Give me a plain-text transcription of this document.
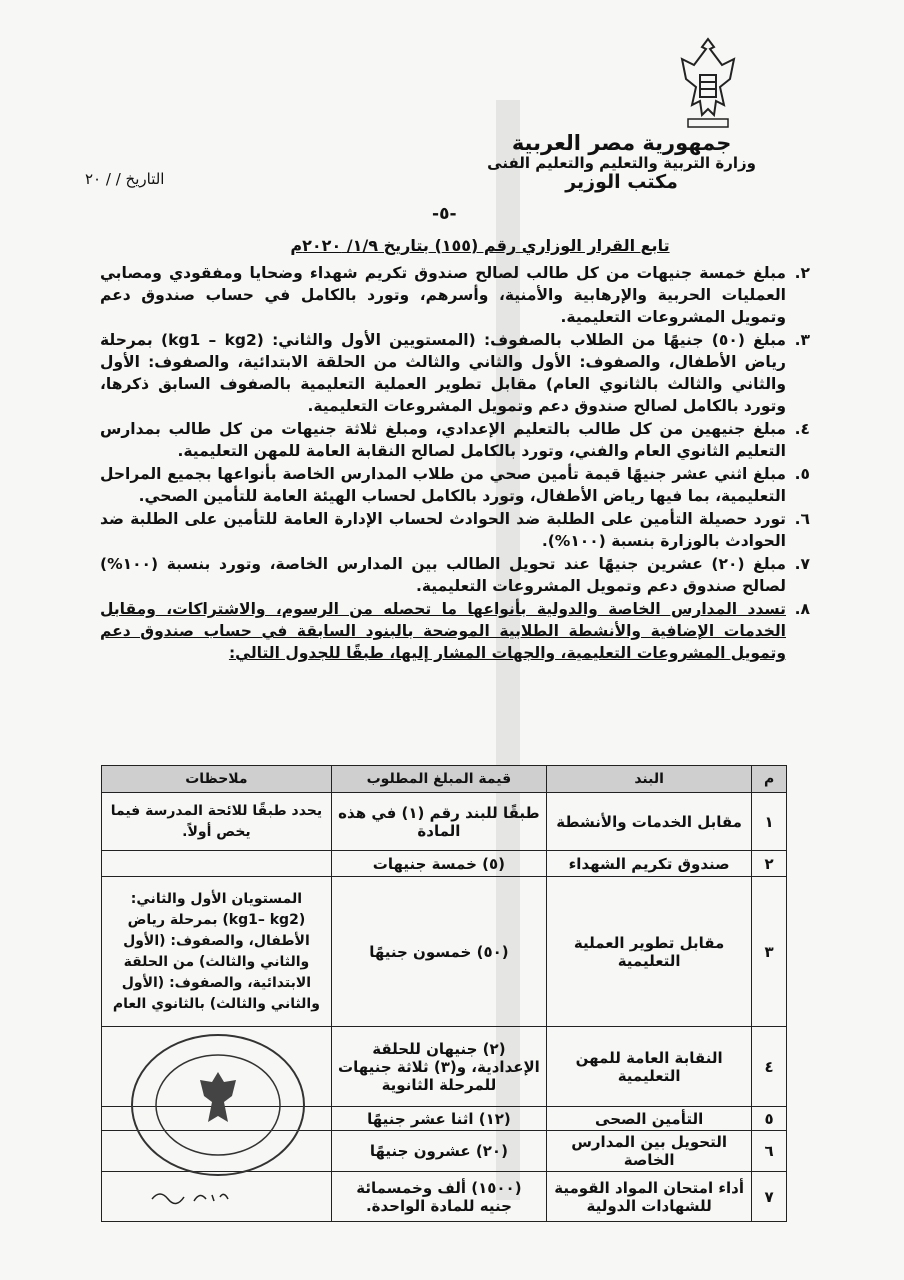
جمهورية مصر العربية
وزارة التربية والتعليم والتعليم الفنى
مكتب الوزير
التاريخ / / ٢٠
-٥-
تابع القرار الوزاري رقم (١٥٥) بتاريخ ١/٩/ ٢٠٢٠م
٢.
مبلغ خمسة جنيهات من كل طالب لصالح صندوق تكريم شهداء وضحايا ومفقودي ومصابي العمليات الحربية والإرهابية والأمنية، وأسرهم، وتورد بالكامل في حساب صندوق دعم وتمويل المشروعات التعليمية.
٣.
مبلغ (٥٠) جنيهًا من الطلاب بالصفوف: (المستويين الأول والثاني: (kg1 – kg2) بمرحلة رياض الأطفال، والصفوف: الأول والثاني والثالث من الحلقة الابتدائية، والصفوف: الأول والثاني والثالث بالثانوي العام) مقابل تطوير العملية التعليمية بالصفوف السابق ذكرها، وتورد بالكامل لصالح صندوق دعم وتمويل المشروعات التعليمية.
٤.
مبلغ جنيهين من كل طالب بالتعليم الإعدادي، ومبلغ ثلاثة جنيهات من كل طالب بمدارس التعليم الثانوي العام والفني، وتورد بالكامل لصالح النقابة العامة للمهن التعليمية.
٥.
مبلغ اثني عشر جنيهًا قيمة تأمين صحي من طلاب المدارس الخاصة بأنواعها بجميع المراحل التعليمية، بما فيها رياض الأطفال، وتورد بالكامل لحساب الهيئة العامة للتأمين الصحي.
٦.
تورد حصيلة التأمين على الطلبة ضد الحوادث لحساب الإدارة العامة للتأمين على الطلبة ضد الحوادث بالوزارة بنسبة (١٠٠%).
٧.
مبلغ (٢٠) عشرين جنيهًا عند تحويل الطالب بين المدارس الخاصة، وتورد بنسبة (١٠٠%) لصالح صندوق دعم وتمويل المشروعات التعليمية.
٨.
تسدد المدارس الخاصة والدولية بأنواعها ما تحصله من الرسوم، والاشتراكات، ومقابل الخدمات الإضافية والأنشطة الطلابية الموضحة بالبنود السابقة في حساب صندوق دعم وتمويل المشروعات التعليمية، والجهات المشار إليها، طبقًا للجدول التالي:
م	البند	قيمة المبلغ المطلوب	ملاحظات
١	مقابل الخدمات والأنشطة	طبقًا للبند رقم (١) في هذه المادة	يحدد طبقًا للائحة المدرسة فيما يخص أولاً.
٢	صندوق تكريم الشهداء	(٥) خمسة جنيهات	
٣	مقابل تطوير العملية التعليمية	(٥٠) خمسون جنيهًا	المستويان الأول والثاني: (kg1– kg2) بمرحلة رياض الأطفال، والصفوف: (الأول والثاني والثالث) من الحلقة الابتدائية، والصفوف: (الأول والثاني والثالث) بالثانوي العام
٤	النقابة العامة للمهن التعليمية	(٢) جنيهان للحلقة الإعدادية، و(٣) ثلاثة جنيهات للمرحلة الثانوية	
٥	التأمين الصحى	(١٢) اثنا عشر جنيهًا	
٦	التحويل بين المدارس الخاصة	(٢٠) عشرون جنيهًا	
٧	أداء امتحان المواد القومية للشهادات الدولية	(١٥٠٠) ألف وخمسمائة جنيه للمادة الواحدة.	
